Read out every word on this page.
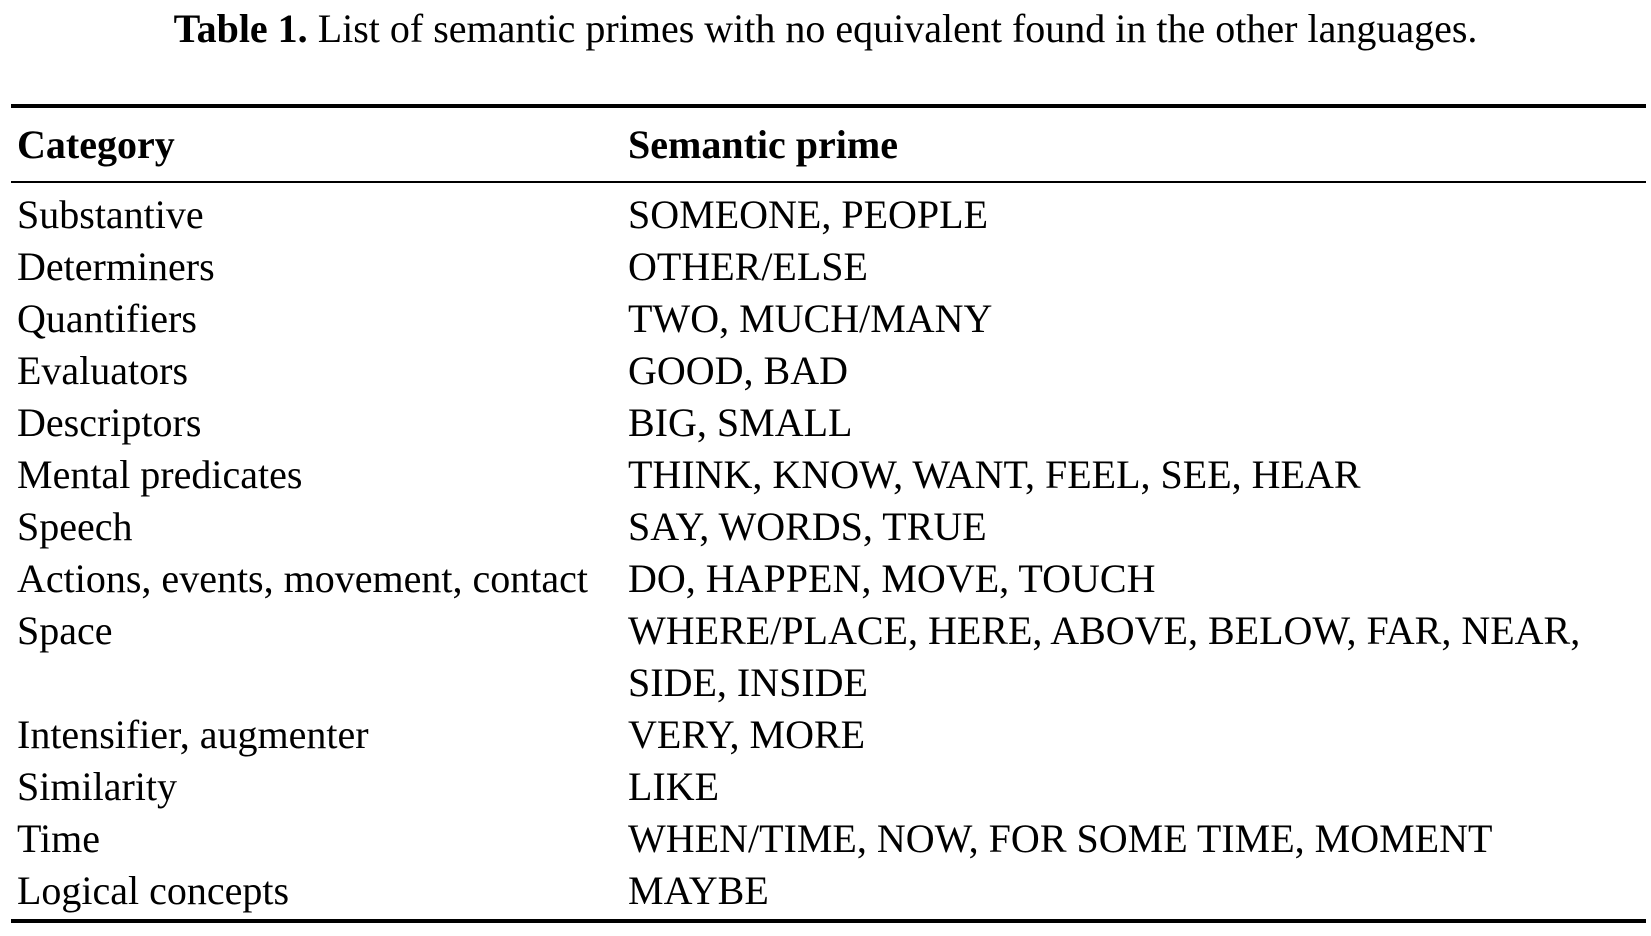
Table 1. List of semantic primes with no equivalent found in the other languages.
Category	Semantic prime
Substantive	SOMEONE, PEOPLE
Determiners	OTHER/ELSE
Quantifiers	TWO, MUCH/MANY
Evaluators	GOOD, BAD
Descriptors	BIG, SMALL
Mental predicates	THINK, KNOW, WANT, FEEL, SEE, HEAR
Speech	SAY, WORDS, TRUE
Actions, events, movement, contact	DO, HAPPEN, MOVE, TOUCH
Space	WHERE/PLACE, HERE, ABOVE, BELOW, FAR, NEAR, SIDE, INSIDE
Intensifier, augmenter	VERY, MORE
Similarity	LIKE
Time	WHEN/TIME, NOW, FOR SOME TIME, MOMENT
Logical concepts	MAYBE
